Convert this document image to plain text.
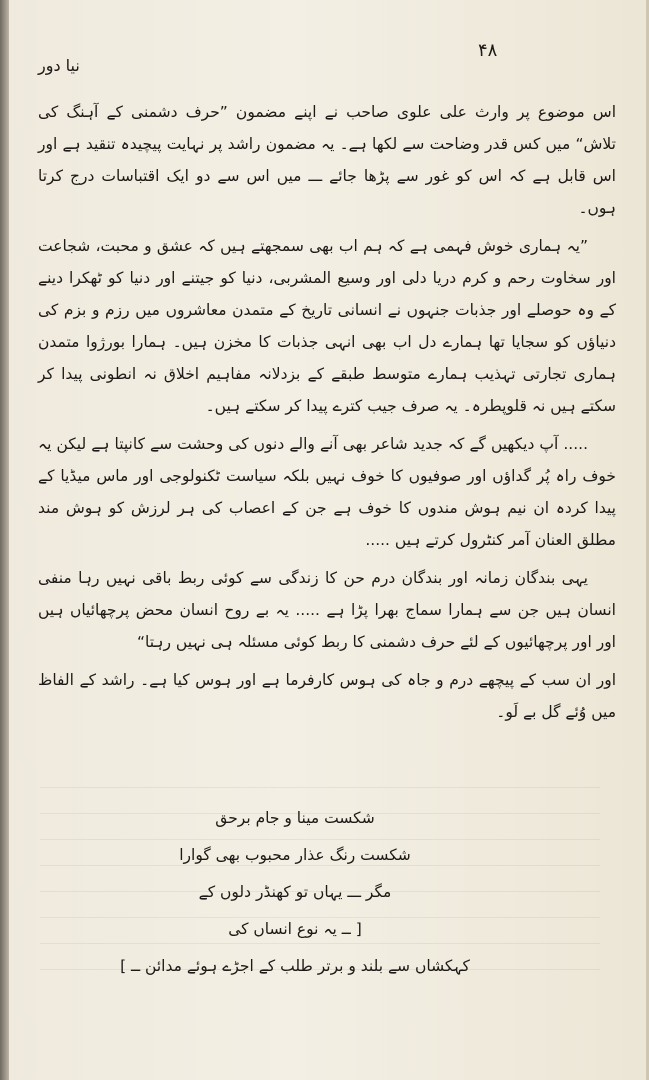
۴۸
نیا دور

اس موضوع پر وارث علی علوی صاحب نے اپنے مضمون ”حرف دشمنی کے آہنگ کی تلاش“ میں کس قدر وضاحت سے لکھا ہے۔ یہ مضمون راشد پر نہایت پیچیدہ تنقید ہے اور اس قابل ہے کہ اس کو غور سے پڑھا جائے ـــ میں اس سے دو ایک اقتباسات درج کرتا ہوں۔

”یہ ہماری خوش فہمی ہے کہ ہم اب بھی سمجھتے ہیں کہ عشق و محبت، شجاعت اور سخاوت رحم و کرم دریا دلی اور وسیع المشربی، دنیا کو جیتنے اور دنیا کو ٹھکرا دینے کے وہ حوصلے اور جذبات جنہوں نے انسانی تاریخ کے متمدن معاشروں میں رزم و بزم کی دنیاؤں کو سجایا تھا ہمارے دل اب بھی انہی جذبات کا مخزن ہیں۔ ہمارا بورژوا متمدن ہماری تجارتی تہذیب ہمارے متوسط طبقے کے بزدلانہ مفاہیم اخلاق نہ انطونی پیدا کر سکتے ہیں نہ قلوپطرہ۔ یہ صرف جیب کترے پیدا کر سکتے ہیں۔

..... آپ دیکھیں گے کہ جدید شاعر بھی آنے والے دنوں کی وحشت سے کانپتا ہے لیکن یہ خوف راہ پُر گداؤں اور صوفیوں کا خوف نہیں بلکہ سیاست ٹکنولوجی اور ماس میڈیا کے پیدا کردہ ان نیم ہوش مندوں کا خوف ہے جن کے اعصاب کی ہر لرزش کو ہوش مند مطلق العنان آمر کنٹرول کرتے ہیں .....

یہی بندگان زمانہ اور بندگان درم حن کا زندگی سے کوئی ربط باقی نہیں رہا منفی انسان ہیں جن سے ہمارا سماج بھرا پڑا ہے ..... یہ بے روح انسان محض پرچھائیاں ہیں اور اور پرچھائیوں کے لئے حرف دشمنی کا ربط کوئی مسئلہ ہی نہیں رہتا“

اور ان سب کے پیچھے درم و جاہ کی ہوس کارفرما ہے اور ہوس کیا ہے۔ راشد کے الفاظ میں وُئے گل بے لَو۔

شکست مینا و جام برحق
شکست رنگ عذار محبوب بھی گوارا
مگر ـــ یہاں تو کھنڈر دلوں کے
[ ــ یہ نوع انساں کی
کہکشاں سے بلند و برتر طلب کے اجڑے ہوئے مدائن ــ ]
